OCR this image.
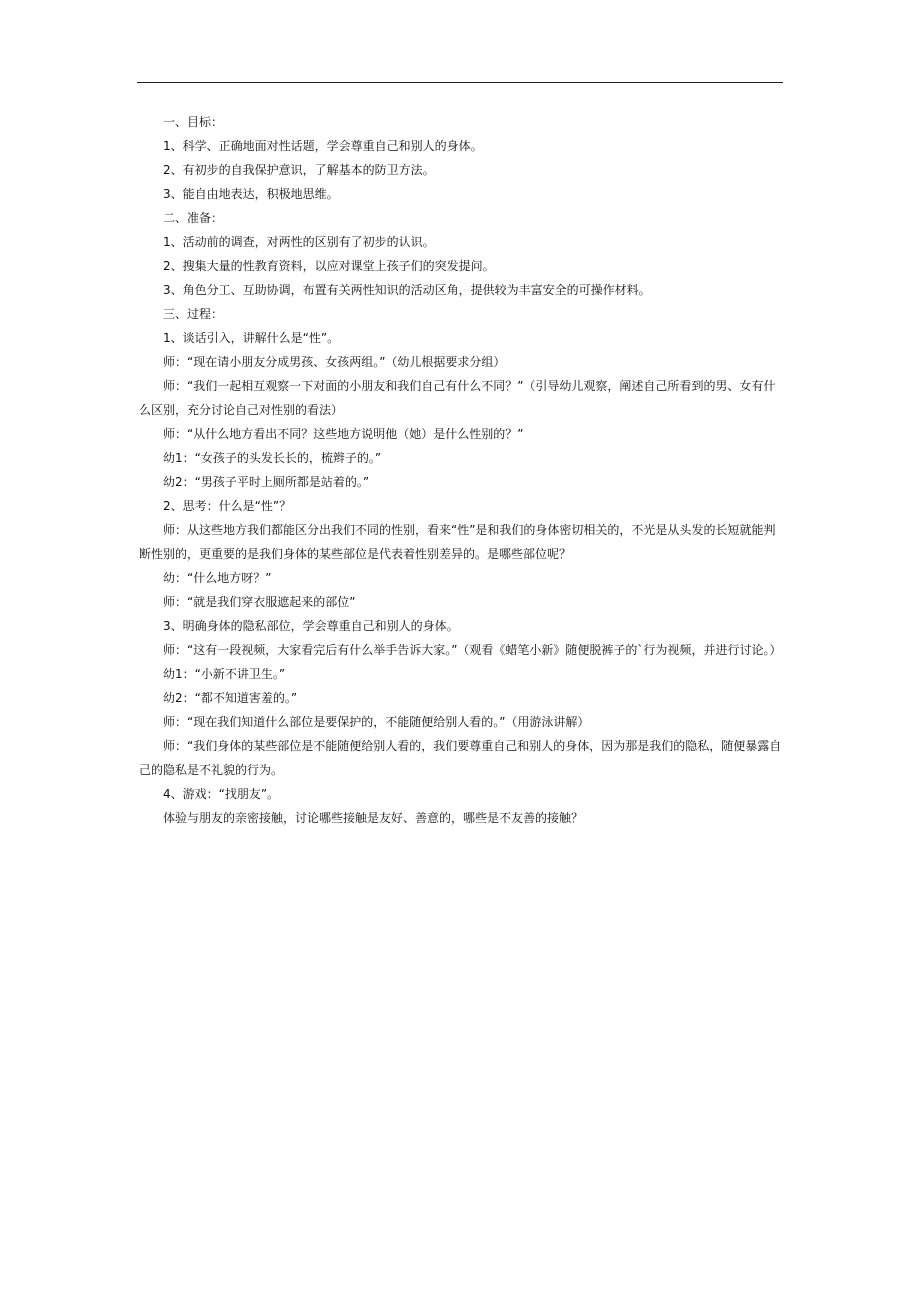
一、目标：

1、科学、正确地面对性话题，学会尊重自己和别人的身体。

2、有初步的自我保护意识，了解基本的防卫方法。

3、能自由地表达，积极地思维。

二、准备：

1、活动前的调查，对两性的区别有了初步的认识。

2、搜集大量的性教育资料，以应对课堂上孩子们的突发提问。

3、角色分工、互助协调，布置有关两性知识的活动区角，提供较为丰富安全的可操作材料。

三、过程：

1、谈话引入，讲解什么是“性”。

师：“现在请小朋友分成男孩、女孩两组。”（幼儿根据要求分组）

师：“我们一起相互观察一下对面的小朋友和我们自己有什么不同？”（引导幼儿观察，阐述自己所看到的男、女有什么区别，充分讨论自己对性别的看法）

师：“从什么地方看出不同？这些地方说明他（她）是什么性别的？”

幼1：“女孩子的头发长长的，梳辫子的。”

幼2：“男孩子平时上厕所都是站着的。”

2、思考：什么是“性”？

师：从这些地方我们都能区分出我们不同的性别，看来“性”是和我们的身体密切相关的，不光是从头发的长短就能判断性别的，更重要的是我们身体的某些部位是代表着性别差异的。是哪些部位呢？

幼：“什么地方呀？”

师：“就是我们穿衣服遮起来的部位”

3、明确身体的隐私部位，学会尊重自己和别人的身体。

师：“这有一段视频，大家看完后有什么举手告诉大家。”（观看《蜡笔小新》随便脱裤子的`行为视频，并进行讨论。）

幼1：“小新不讲卫生。”

幼2：“都不知道害羞的。”

师：“现在我们知道什么部位是要保护的，不能随便给别人看的。”（用游泳讲解）

师：“我们身体的某些部位是不能随便给别人看的，我们要尊重自己和别人的身体，因为那是我们的隐私，随便暴露自己的隐私是不礼貌的行为。

4、游戏：“找朋友”。

体验与朋友的亲密接触，讨论哪些接触是友好、善意的，哪些是不友善的接触？
